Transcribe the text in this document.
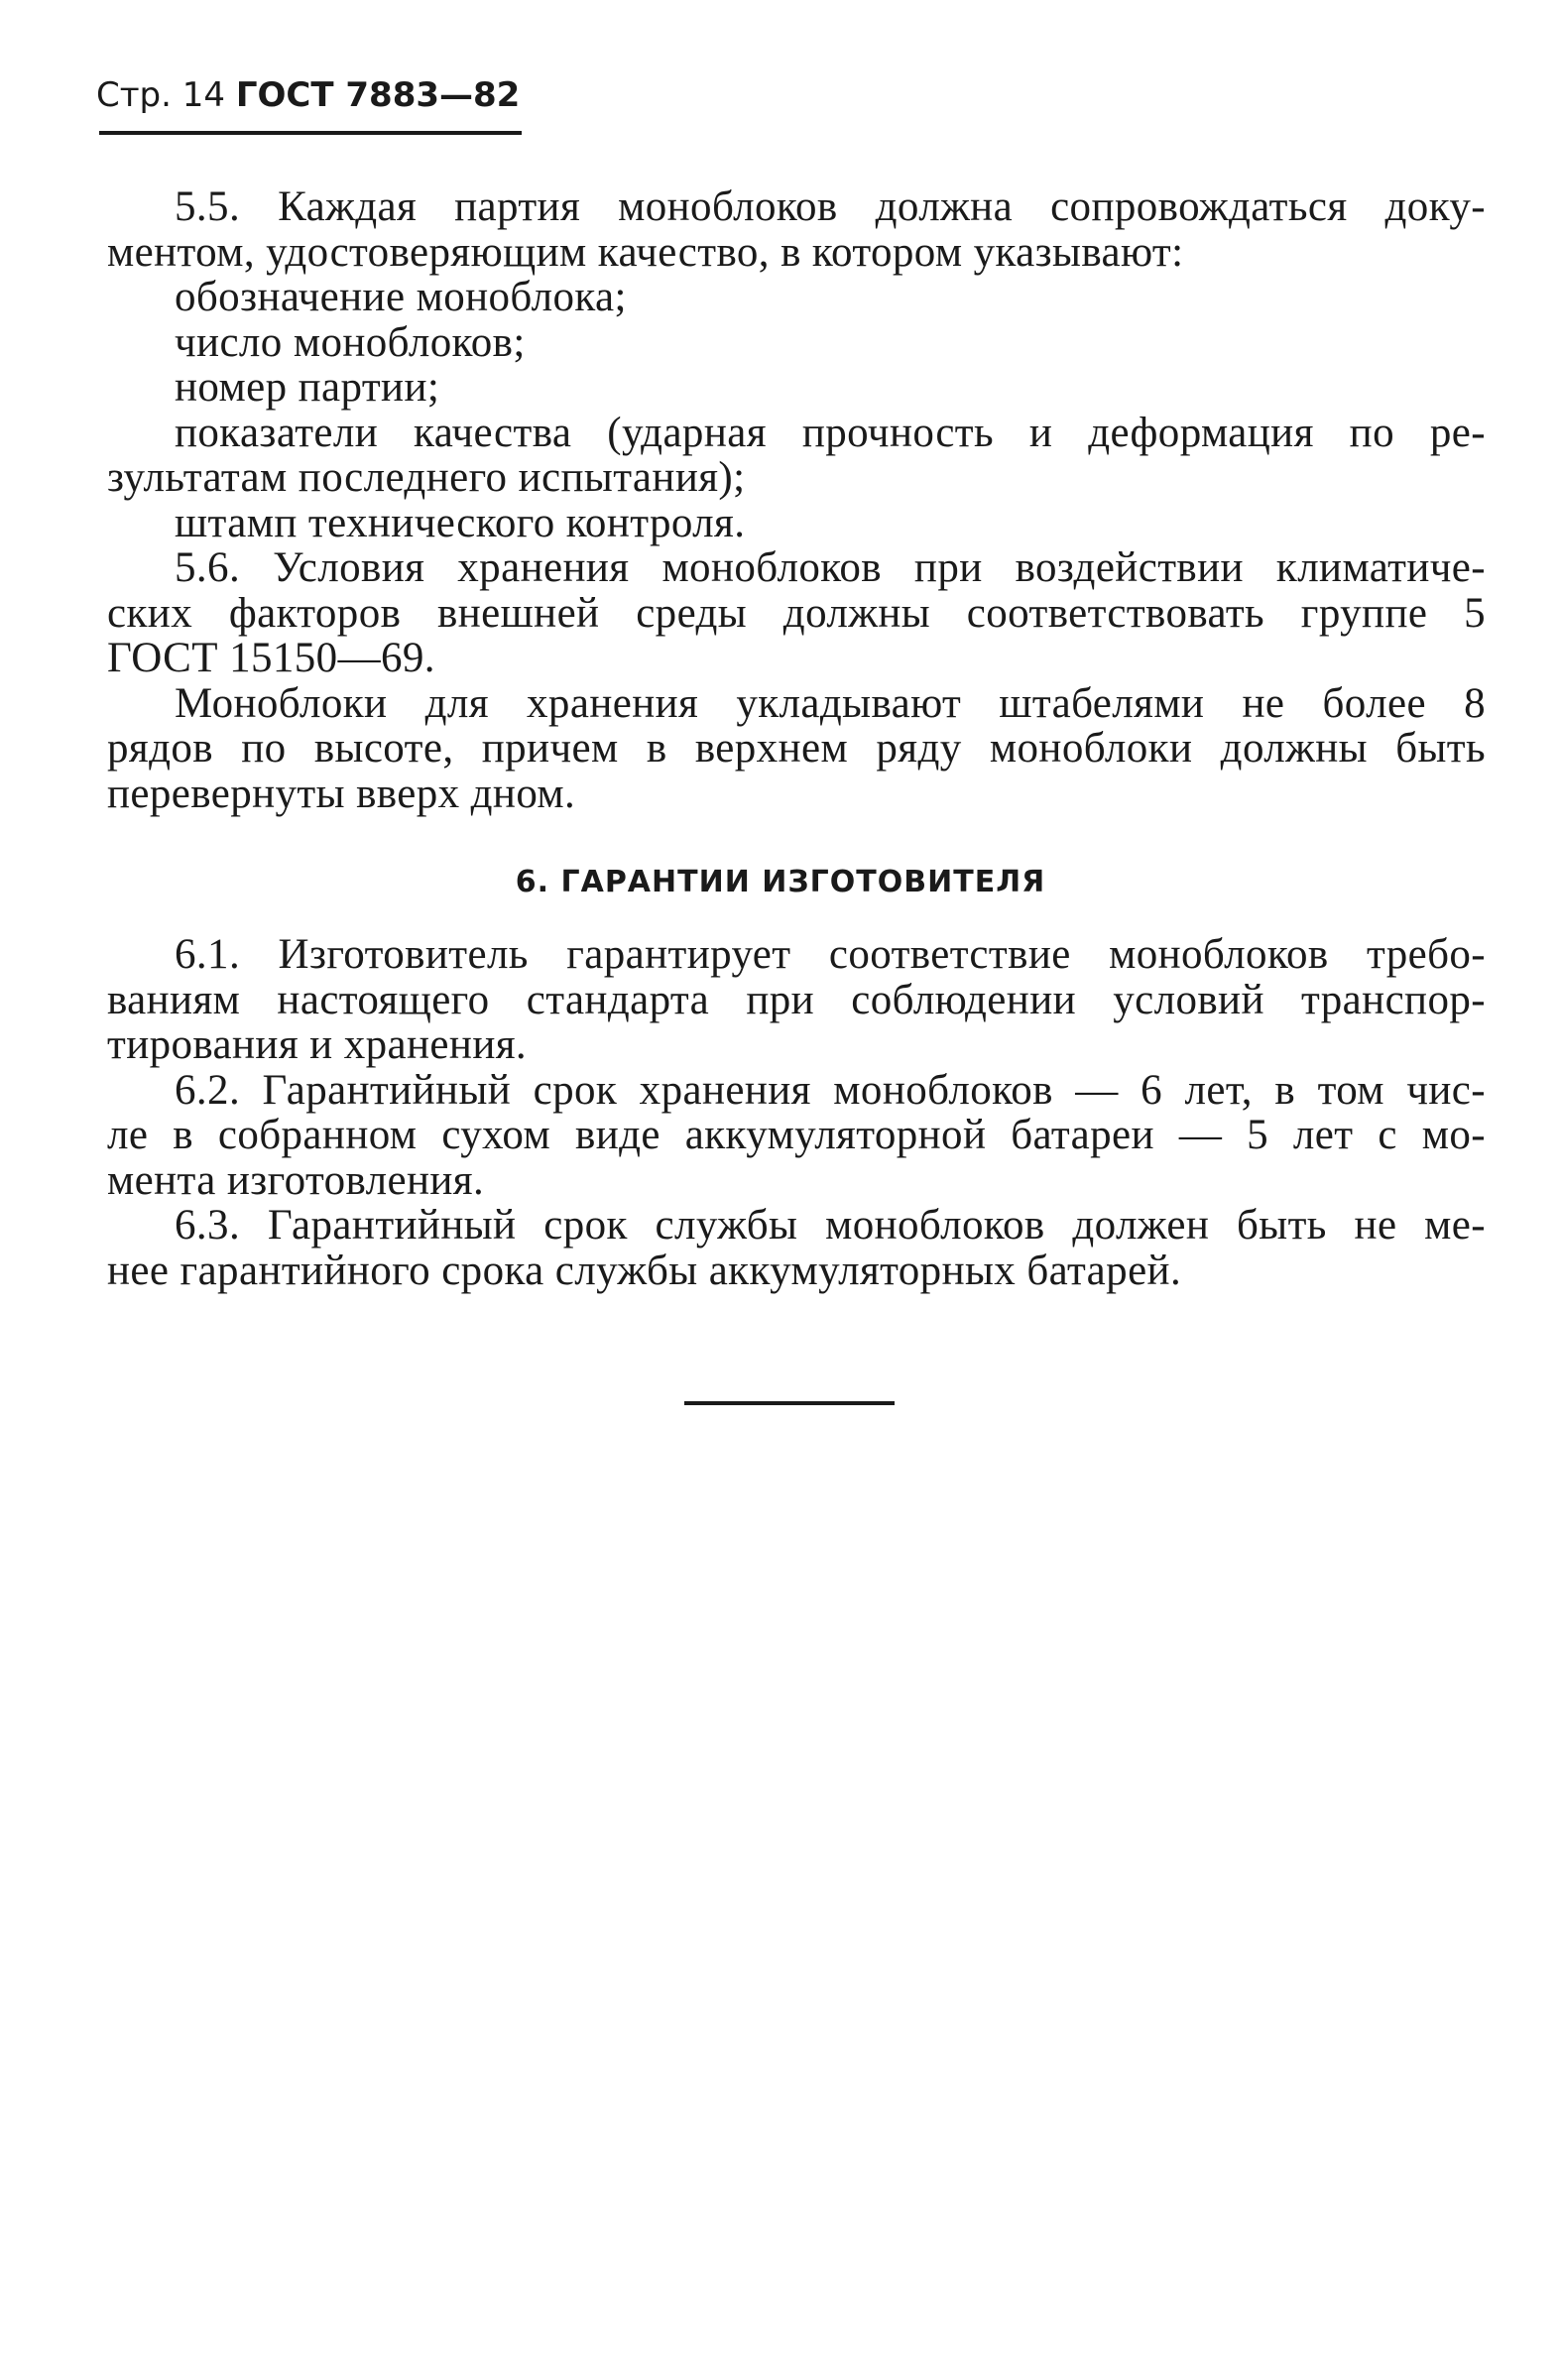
Стр. 14 ГОСТ 7883—82
5.5. Каждая партия моноблоков должна сопровождаться доку-
ментом, удостоверяющим качество, в котором указывают:
обозначение моноблока;
число моноблоков;
номер партии;
показатели качества (ударная прочность и деформация по ре-
зультатам последнего испытания);
штамп технического контроля.
5.6. Условия хранения моноблоков при воздействии климатиче-
ских факторов внешней среды должны соответствовать группе 5
ГОСТ 15150—69.
Моноблоки для хранения укладывают штабелями не более 8
рядов по высоте, причем в верхнем ряду моноблоки должны быть
перевернуты вверх дном.
6. ГАРАНТИИ ИЗГОТОВИТЕЛЯ
6.1. Изготовитель гарантирует соответствие моноблоков требо-
ваниям настоящего стандарта при соблюдении условий транспор-
тирования и хранения.
6.2. Гарантийный срок хранения моноблоков — 6 лет, в том чис-
ле в собранном сухом виде аккумуляторной батареи — 5 лет с мо-
мента изготовления.
6.3. Гарантийный срок службы моноблоков должен быть не ме-
нее гарантийного срока службы аккумуляторных батарей.
